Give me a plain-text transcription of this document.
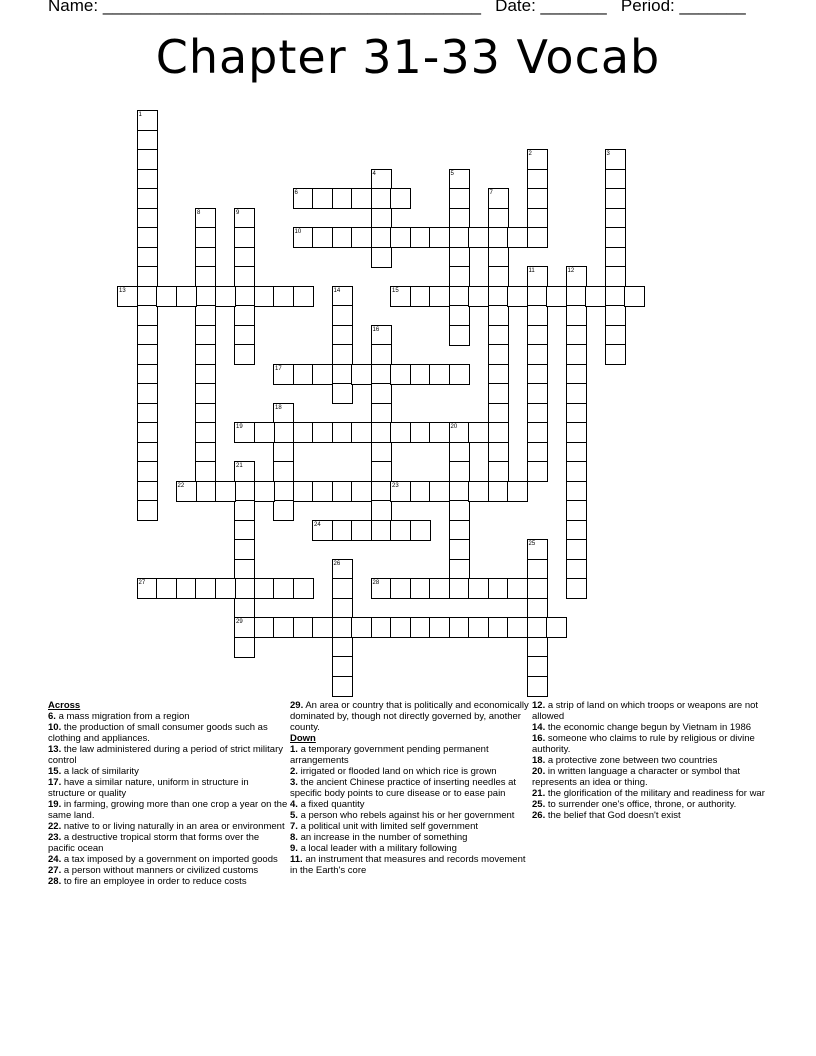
Name: ________________________________________ Date: _______ Period: _______
Chapter 31-33 Vocab
1
2	3
4	5
6	7
8	9
10
11	12
13	14	15
16
17
18
19	20
21
29
22	23
24
25
26
27	28
Across
6. a mass migration from a region
10. the production of small consumer goods such as clothing and appliances.
13. the law administered during a period of strict military control
15. a lack of similarity
17. have a similar nature, uniform in structure in structure or quality
19. in farming, growing more than one crop a year on the same land.
22. native to or living naturally in an area or environment
23. a destructive tropical storm that forms over the pacific ocean
24. a tax imposed by a government on imported goods
27. a person without manners or civilized customs
28. to fire an employee in order to reduce costs
29. An area or country that is politically and economically dominated by, though not directly governed by, another county.
Down
1. a temporary government pending permanent arrangements
2. irrigated or flooded land on which rice is grown
3. the ancient Chinese practice of inserting needles at specific body points to cure disease or to ease pain
4. a fixed quantity
5. a person who rebels against his or her government
7. a political unit with limited self government
8. an increase in the number of something
9. a local leader with a military following
11. an instrument that measures and records movement in the Earth's core
12. a strip of land on which troops or weapons are not allowed
14. the economic change begun by Vietnam in 1986
16. someone who claims to rule by religious or divine authority.
18. a protective zone between two countries
20. in written language a character or symbol that represents an idea or thing.
21. the glorification of the military and readiness for war
25. to surrender one's office, throne, or authority.
26. the belief that God doesn't exist
